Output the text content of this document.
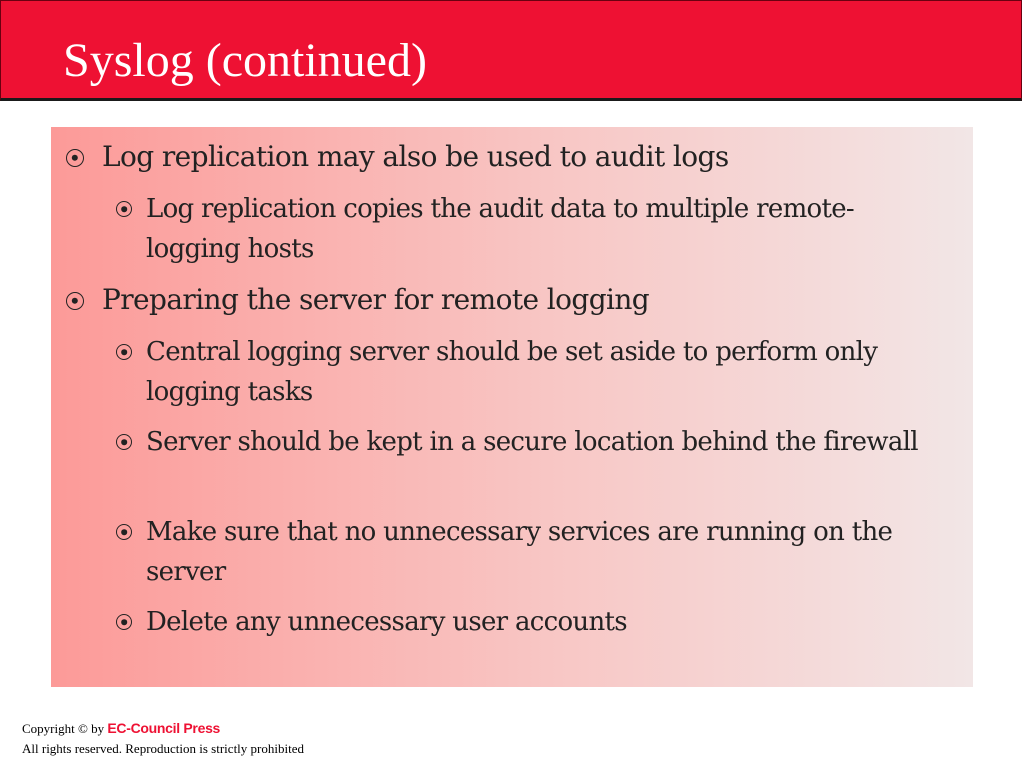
Syslog (continued)
Log replication may also be used to audit logs
Log replication copies the audit data to multiple remote-logging hosts
Preparing the server for remote logging
Central logging server should be set aside to perform only logging tasks
Server should be kept in a secure location behind the firewall
Make sure that no unnecessary services are running on the server
Delete any unnecessary user accounts
Copyright © by EC-Council Press
All rights reserved. Reproduction is strictly prohibited
